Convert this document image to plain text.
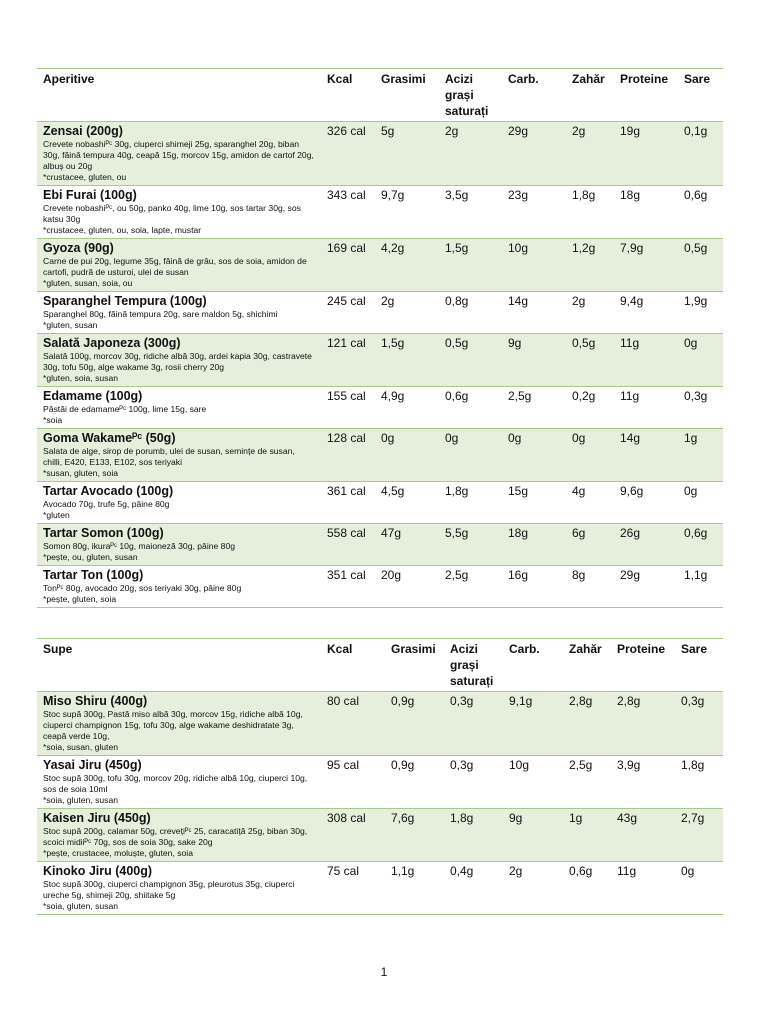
Aperitive	Kcal	Grasimi	Acizi
grași
saturați	Carb.	Zahăr	Proteine	Sare

Zensai (200g)
Crevete nobashiᴾᶜ 30g, ciuperci shimeji 25g, sparanghel 20g, biban 30g, făină tempura 40g, ceapă 15g, morcov 15g, amidon de cartof 20g, albuș ou 20g
*crustacee, gluten, ou	326 cal	5g	2g	29g	2g	19g	0,1g

Ebi Furai (100g)
Crevete nobashiᴾᶜ, ou 50g, panko 40g, lime 10g, sos tartar 30g, sos katsu 30g
*crustacee, gluten, ou, soia, lapte, mustar	343 cal	9,7g	3,5g	23g	1,8g	18g	0,6g

Gyoza (90g)
Carne de pui 20g, legume 35g, făină de grâu, sos de soia, amidon de cartofi, pudră de usturoi, ulei de susan
*gluten, susan, soia, ou	169 cal	4,2g	1,5g	10g	1,2g	7,9g	0,5g

Sparanghel Tempura (100g)
Sparanghel 80g, făină tempura 20g, sare maldon 5g, shichimi
*gluten, susan	245 cal	2g	0,8g	14g	2g	9,4g	1,9g

Salată Japoneza (300g)
Salată 100g, morcov 30g, ridiche albă 30g, ardei kapia 30g, castravete 30g, tofu 50g, alge wakame 3g, rosii cherry 20g
*gluten, soia, susan	121 cal	1,5g	0,5g	9g	0,5g	11g	0g

Edamame (100g)
Păstăi de edamameᴾᶜ 100g, lime 15g, sare
*soia	155 cal	4,9g	0,6g	2,5g	0,2g	11g	0,3g

Goma Wakameᴾᶜ (50g)
Salata de alge, sirop de porumb, ulei de susan, semințe de susan, chilli, E420, E133, E102, sos teriyaki
*susan, gluten, soia	128 cal	0g	0g	0g	0g	14g	1g

Tartar Avocado (100g)
Avocado 70g, trufe 5g, pâine 80g
*gluten	361 cal	4,5g	1,8g	15g	4g	9,6g	0g

Tartar Somon (100g)
Somon 80g, ikuraᴾᶜ 10g, maioneză 30g, pâine 80g
*pește, ou, gluten, susan	558 cal	47g	5,5g	18g	6g	26g	0,6g

Tartar Ton (100g)
Tonᴾᶜ 80g, avocado 20g, sos teriyaki 30g, pâine 80g
*pește, gluten, soia	351 cal	20g	2,5g	16g	8g	29g	1,1g
Supe	Kcal	Grasimi	Acizi
grași
saturați	Carb.	Zahăr	Proteine	Sare

Miso Shiru (400g)
Stoc supă 300g, Pastă miso albă 30g, morcov 15g, ridiche albă 10g, ciuperci champignon 15g, tofu 30g, alge wakame deshidratate 3g, ceapă verde 10g,
*soia, susan, gluten	80 cal	0,9g	0,3g	9,1g	2,8g	2,8g	0,3g

Yasai Jiru (450g)
Stoc supă 300g, tofu 30g, morcov 20g, ridiche albă 10g, ciuperci 10g, sos de soia 10ml
*soia, gluten, susan	95 cal	0,9g	0,3g	10g	2,5g	3,9g	1,8g

Kaisen Jiru (450g)
Stoc supă 200g, calamar 50g, crevețiᴾᶜ 25, caracatiță 25g, biban 30g, scoici midiiᴾᶜ 70g, sos de soia 30g, sake 20g
*pește, crustacee, moluște, gluten, soia	308 cal	7,6g	1,8g	9g	1g	43g	2,7g

Kinoko Jiru (400g)
Stoc supă 300g, ciuperci champignon 35g, pleurotus 35g, ciuperci ureche 5g, shimeji 20g, shiitake 5g
*soia, gluten, susan	75 cal	1,1g	0,4g	2g	0,6g	11g	0g
1
